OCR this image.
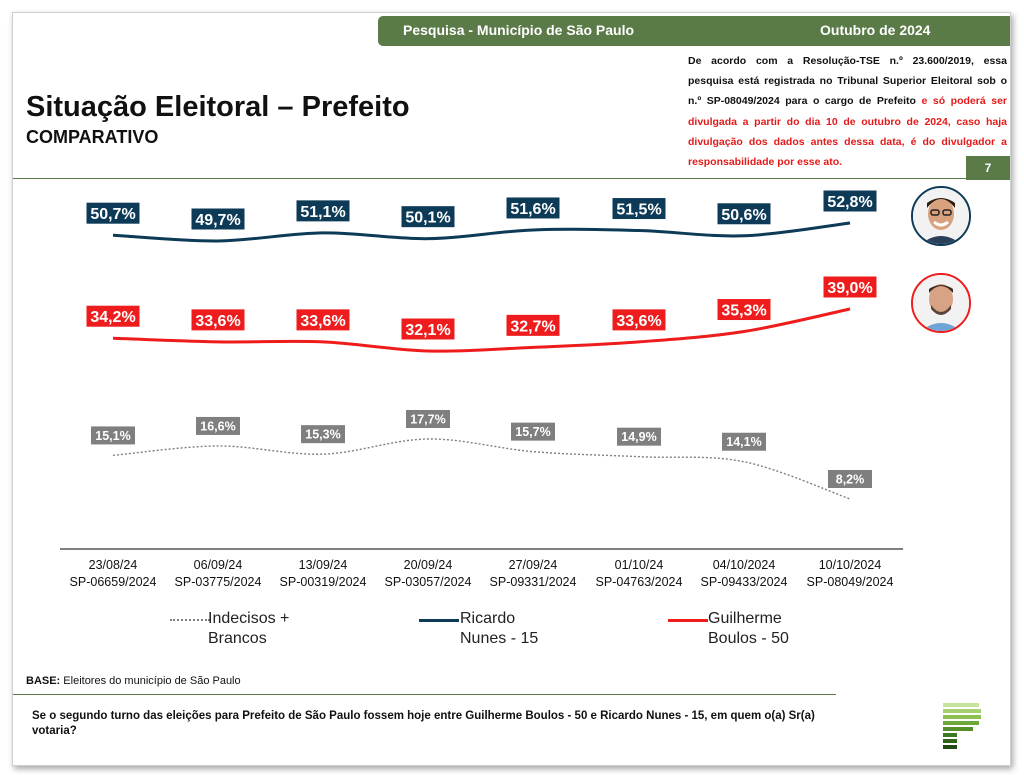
Pesquisa - Município de São Paulo	Outubro de 2024
Situação Eleitoral – Prefeito
COMPARATIVO
De acordo com a Resolução-TSE n.º 23.600/2019, essa pesquisa está registrada no Tribunal Superior Eleitoral sob o n.º SP-08049/2024 para o cargo de Prefeito e só poderá ser divulgada a partir do dia 10 de outubro de 2024, caso haja divulgação dos dados antes dessa data, é do divulgador a responsabilidade por esse ato.	7
50,7%	49,7%	51,1%	50,1%
51,6%	51,5%	50,6%
52,8%
34,2%	33,6%	33,6%
32,1%	32,7%	33,6%
35,3%
39,0%
15,1%
16,6%
15,3%
17,7%
15,7%	14,9%	14,1%
8,2%
23/08/24
SP-06659/2024
06/09/24
SP-03775/2024
13/09/24
SP-00319/2024
20/09/24
SP-03057/2024
27/09/24
SP-09331/2024
01/10/24
SP-04763/2024
04/10/2024
SP-09433/2024
10/10/2024
SP-08049/2024
Indecisos +
Brancos
Ricardo
Nunes - 15
Guilherme
Boulos - 50
BASE: Eleitores do município de São Paulo
Se o segundo turno das eleições para Prefeito de São Paulo fossem hoje entre Guilherme Boulos - 50 e Ricardo Nunes - 15, em quem o(a) Sr(a) votaria?
